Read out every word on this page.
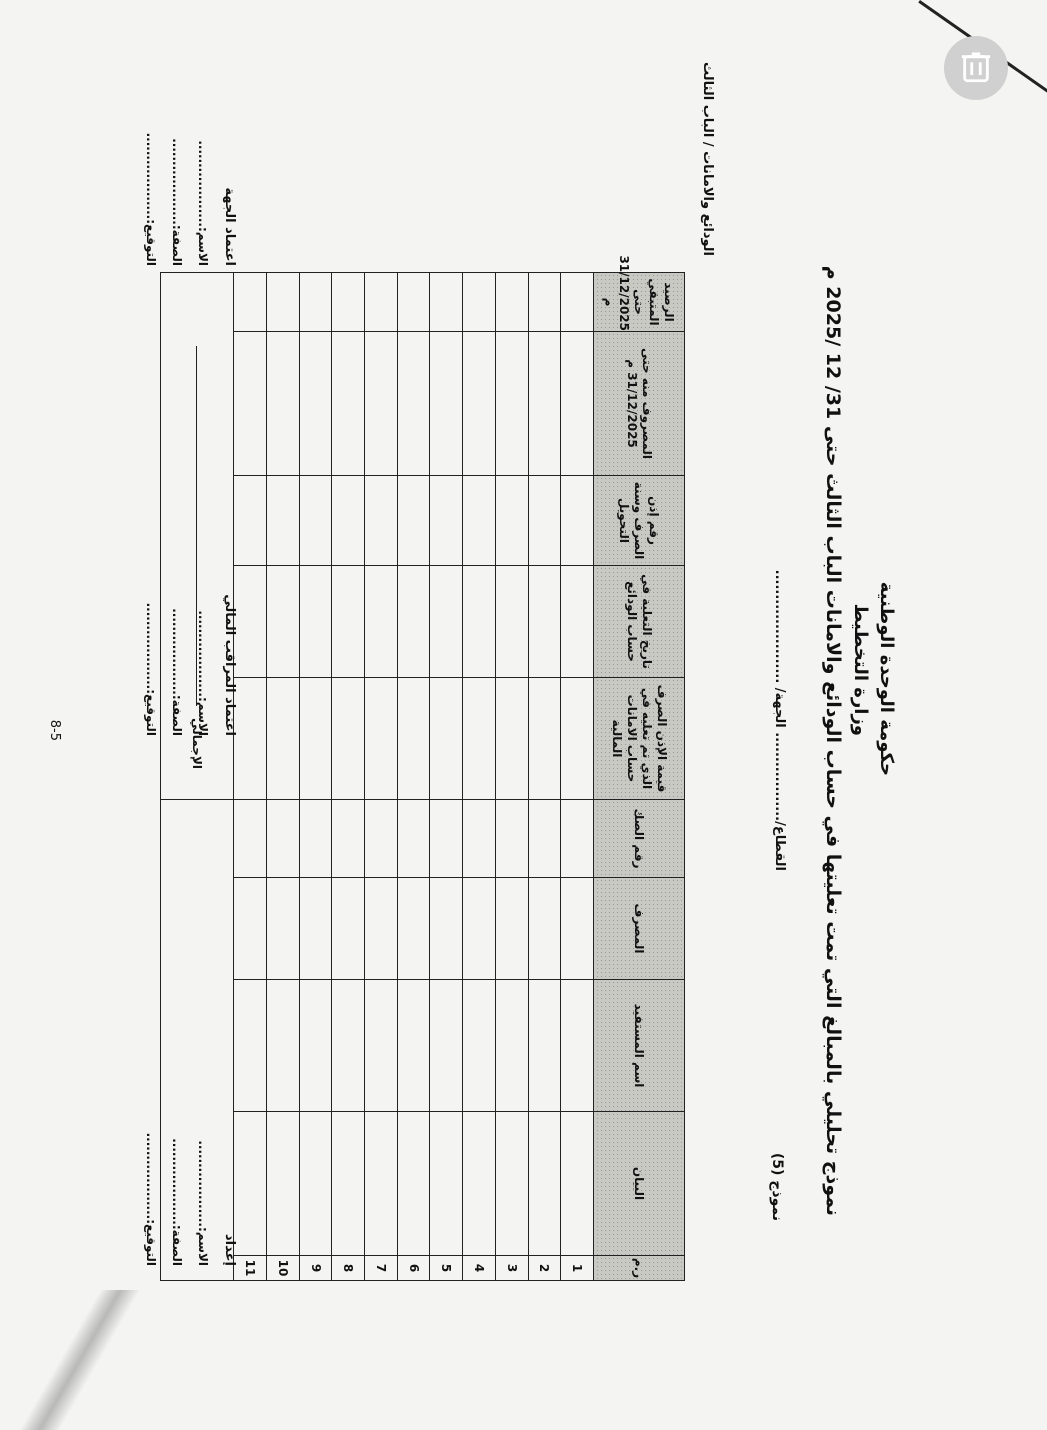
حكومة الوحدة الوطنية
وزارة التخطيط
نموذج تحليلي بالمبالغ التي تمت تعليتها في حساب الودائع والامانات الباب الثالث حتى 31/ 12 /2025 م
القطاع/.................. الجهة/ .......................
نموذج (5)
الودائع والامانات / الباب الثالث
ر.م	البيان	اسم المستفيد	المصرف	رقم الصك	قيمة الإذن الصرف الذي تم تعليه في حساب الامانات المالية	تاريخ التعلية في حساب الودائع	رقم إذن الصرف وسنة التحويل	المصروف منه حتى 31/12/2025 م	الرصيد المتبقي حتى 31/12/2025 م
1									
2									
3									
4									
5									
6									
7									
8									
9									
10									
11									
					الإجمالي				
إعداد
الاسم:...................
الصفة:...................
التوقيع:...................
اعتماد المراقب المالي
الاسم:...................
الصفة:...................
التوقيع:...................
اعتماد الجهة
الاسم:...................
الصفة:...................
التوقيع:...................
8-5
